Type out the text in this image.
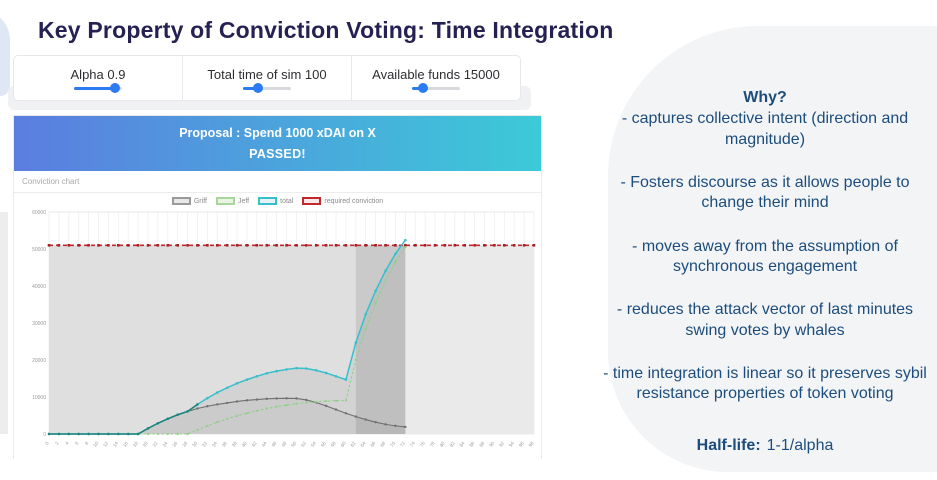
Key Property of Conviction Voting: Time Integration
Alpha 0.9	Total time of sim 100	Available funds 15000
Proposal : Spend 1000 xDAI on X
PASSED!
Conviction chart
Griff	Jeff	total	required conviction
0
10000
20000
30000
40000
50000
60000
0 2 4 6 8 10 12 14 16 18 20 22 24 26 28 30 32 34 36 38 40 42 44 46 48 50 52 54 56 58 60 62 64 66 68 70 72 74 76 78 80 82 84 86 88 90 92 94 96 98

Why?

- captures collective intent (direction and magnitude)

- Fosters discourse as it allows people to change their mind

- moves away from the assumption of synchronous engagement

- reduces the attack vector of last minutes swing votes by whales

- time integration is linear so it preserves sybil resistance properties of token voting

Half-life: 1-1/alpha
